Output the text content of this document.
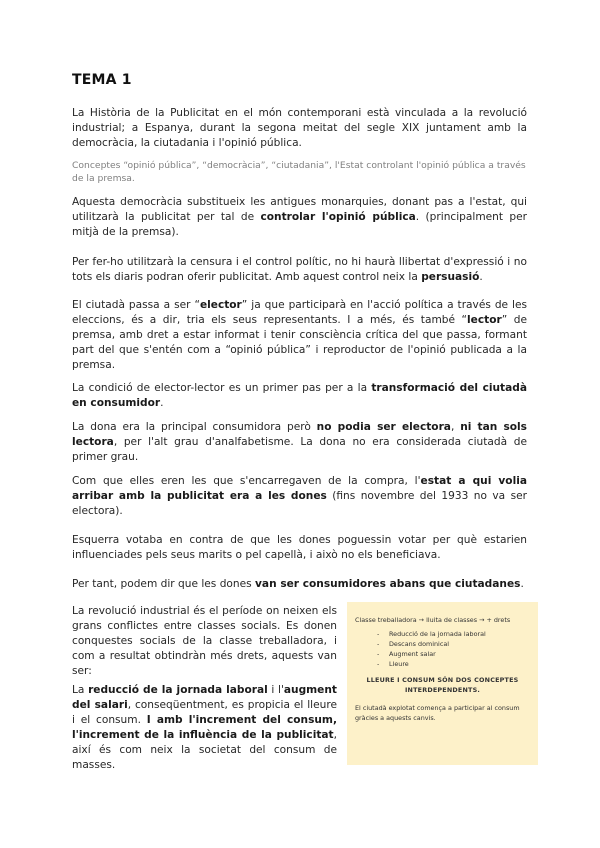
TEMA 1

La Història de la Publicitat en el món contemporani està vinculada a la revolució industrial; a Espanya, durant la segona meitat del segle XIX juntament amb la democràcia, la ciutadania i l'opinió pública.

Conceptes “opinió pública”, “democràcia”, “ciutadania”, l'Estat controlant l'opinió pública a través de la premsa.

Aquesta democràcia substitueix les antigues monarquies, donant pas a l'estat, qui utilitzarà la publicitat per tal de controlar l'opinió pública. (principalment per mitjà de la premsa).

Per fer-ho utilitzarà la censura i el control polític, no hi haurà llibertat d'expressió i no tots els diaris podran oferir publicitat. Amb aquest control neix la persuasió.

El ciutadà passa a ser “elector” ja que participarà en l'acció política a través de les eleccions, és a dir, tria els seus representants. I a més, és també “lector” de premsa, amb dret a estar informat i tenir consciència crítica del que passa, formant part del que s'entén com a “opinió pública” i reproductor de l'opinió publicada a la premsa.

La condició de elector-lector es un primer pas per a la transformació del ciutadà en consumidor.

La dona era la principal consumidora però no podia ser electora, ni tan sols lectora, per l'alt grau d'analfabetisme. La dona no era considerada ciutadà de primer grau.

Com que elles eren les que s'encarregaven de la compra, l'estat a qui volia arribar amb la publicitat era a les dones (fins novembre del 1933 no va ser electora).

Esquerra votaba en contra de que les dones poguessin votar per què estarien influenciades pels seus marits o pel capellà, i això no els beneficiava.

Per tant, podem dir que les dones van ser consumidores abans que ciutadanes.

La revolució industrial és el període on neixen els grans conflictes entre classes socials. Es donen conquestes socials de la classe treballadora, i com a resultat obtindràn més drets, aquests van ser:

La reducció de la jornada laboral i l'augment del salari, conseqüentment, es propicia el lleure i el consum. I amb l'increment del consum, l'increment de la influència de la publicitat, així és com neix la societat del consum de masses.

Classe treballadora → lluita de classes → + drets
- Reducció de la jornada laboral
- Descans dominical
- Augment salar
- Lleure
LLEURE I CONSUM SÓN DOS CONCEPTES INTERDEPENDENTS.
El ciutadà explotat comença a participar al consum gràcies a aquests canvis.
